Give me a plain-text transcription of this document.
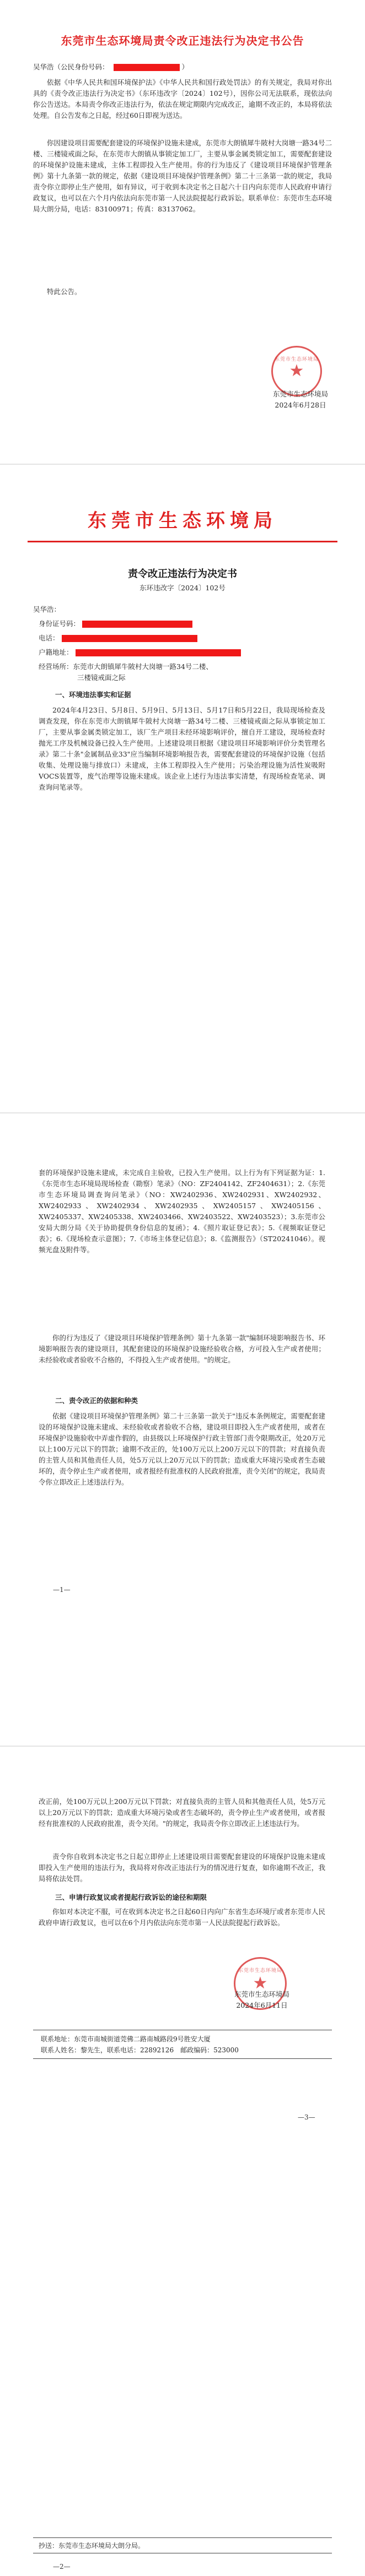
东莞市生态环境局责令改正违法行为决定书公告
吴华浩（公民身份号码：	）

依据《中华人民共和国环境保护法》《中华人民共和国行政处罚法》的有关规定，我局对你出具的《责令改正违法行为决定书》（东环违改字〔2024〕102号），因你公司无法联系，现依法向你公告送达。本局责令你改正违法行为，依法在规定期限内完成改正，逾期不改正的，本局将依法处理。自公告发布之日起，经过60日即视为送达。

你因建设项目需要配套建设的环境保护设施未建成，东莞市大朗镇犀牛陂村大岗塘一路34号二楼、三楼镜戒面之际，在东莞市大朗镇从事锁定加工厂，主要从事金属类锁定加工，需要配套建设的环境保护设施未建成，主体工程即投入生产使用。你的行为违反了《建设项目环境保护管理条例》第十九条第一款的规定，依据《建设项目环境保护管理条例》第二十三条第一款的规定，我局责令你立即停止生产使用，如有异议，可于收到本决定书之日起六十日内向东莞市人民政府申请行政复议，也可以在六个月内依法向东莞市第一人民法院提起行政诉讼。联系单位：东莞市生态环境局大朗分局，电话：83100971；传真：83137062。

特此公告。

东莞市生态环境局
★
东莞市生态环境局
2024年6月28日
东莞市生态环境局
责令改正违法行为决定书
东环违改字〔2024〕102号
吴华浩：
身份证号码：
电话：
户籍地址：
经营场所：东莞市大朗镇犀牛陂村大岗塘一路34号二楼、
三楼镜戒面之际
一、环境违法事实和证据

2024年4月23日、5月8日、5月9日、5月13日、5月17日和5月22日，我局现场检查及调查发现，你在东莞市大朗镇犀牛陂村大岗塘一路34号二楼、三楼镜戒面之际从事锁定加工厂，主要从事金属类锁定加工，该厂生产项目未经环境影响评价，擅自开工建设，现场检查时抛光工序及机械设备已投入生产使用。上述建设项目根据《建设项目环境影响评价分类管理名录》第二十条"金属制品业33"应当编制环境影响报告表，需要配套建设的环境保护设施（包括收集、处理设施与排放口）未建成，主体工程即投入生产使用；污染治理设施为活性炭吸附VOCS装置等，废气治理等设施未建成。该企业上述行为违法事实清楚，有现场检查笔录、调查询问笔录等。

套的环境保护设施未建成，未完成自主验收，已投入生产使用。以上行为有下列证据为证：1.《东莞市生态环境局现场检查（勘察）笔录》（NO：ZF2404142、ZF2404631）；2.《东莞市生态环境局调查询问笔录》（NO：XW2402936、XW2402931、XW2402932、XW2402933、XW2402934、XW2402935、XW2405157、XW2405156、XW2405337、XW2405338、XW2403466、XW2403522、XW2403523）；3.东莞市公安局大朗分局《关于协助提供身份信息的复函》；4.《照片取证登记表》；5.《视频取证登记表》；6.《现场检查示意图》；7.《市场主体登记信息》；8.《监测报告》（ST20241046）。视频光盘及附件等。

你的行为违反了《建设项目环境保护管理条例》第十九条第一款"编制环境影响报告书、环境影响报告表的建设项目，其配套建设的环境保护设施经验收合格，方可投入生产或者使用；未经验收或者验收不合格的，不得投入生产或者使用。"的规定。

二、责令改正的依据和种类

依据《建设项目环境保护管理条例》第二十三条第一款关于"违反本条例规定，需要配套建设的环境保护设施未建成、未经验收或者验收不合格，建设项目即投入生产或者使用，或者在环境保护设施验收中弄虚作假的，由县级以上环境保护行政主管部门责令限期改正，处20万元以上100万元以下的罚款；逾期不改正的，处100万元以上200万元以下的罚款；对直接负责的主管人员和其他责任人员，处5万元以上20万元以下的罚款；造成重大环境污染或者生态破坏的，责令停止生产或者使用，或者报经有批准权的人民政府批准，责令关闭"的规定，我局责令你立即改正上述违法行为。

—1—

改正前，处100万元以上200万元以下罚款；对直接负责的主管人员和其他责任人员，处5万元以上20万元以下的罚款；造成重大环境污染或者生态破坏的，责令停止生产或者使用，或者报经有批准权的人民政府批准，责令关闭。"的规定，我局责令你立即改正上述违法行为。

责令你自收到本决定书之日起立即停止上述建设项目需要配套建设的环境保护设施未建成即投入生产使用的违法行为，我局将对你改正违法行为的情况进行复查，如你逾期不改正，我局将依法处罚。

三、申请行政复议或者提起行政诉讼的途径和期限

你如对本决定不服，可在收到本决定书之日起60日内向广东省生态环境厅或者东莞市人民政府申请行政复议，也可以在6个月内依法向东莞市第一人民法院提起行政诉讼。

东莞市生态环境局
★
东莞市生态环境局
2024年6月11日
联系地址：东莞市南城街道莞佛二路南城路段9号胜安大厦
联系人姓名：黎先生，联系电话：22892126　邮政编码：523000
—3—
抄送：东莞市生态环境局大朗分局。
—2—
